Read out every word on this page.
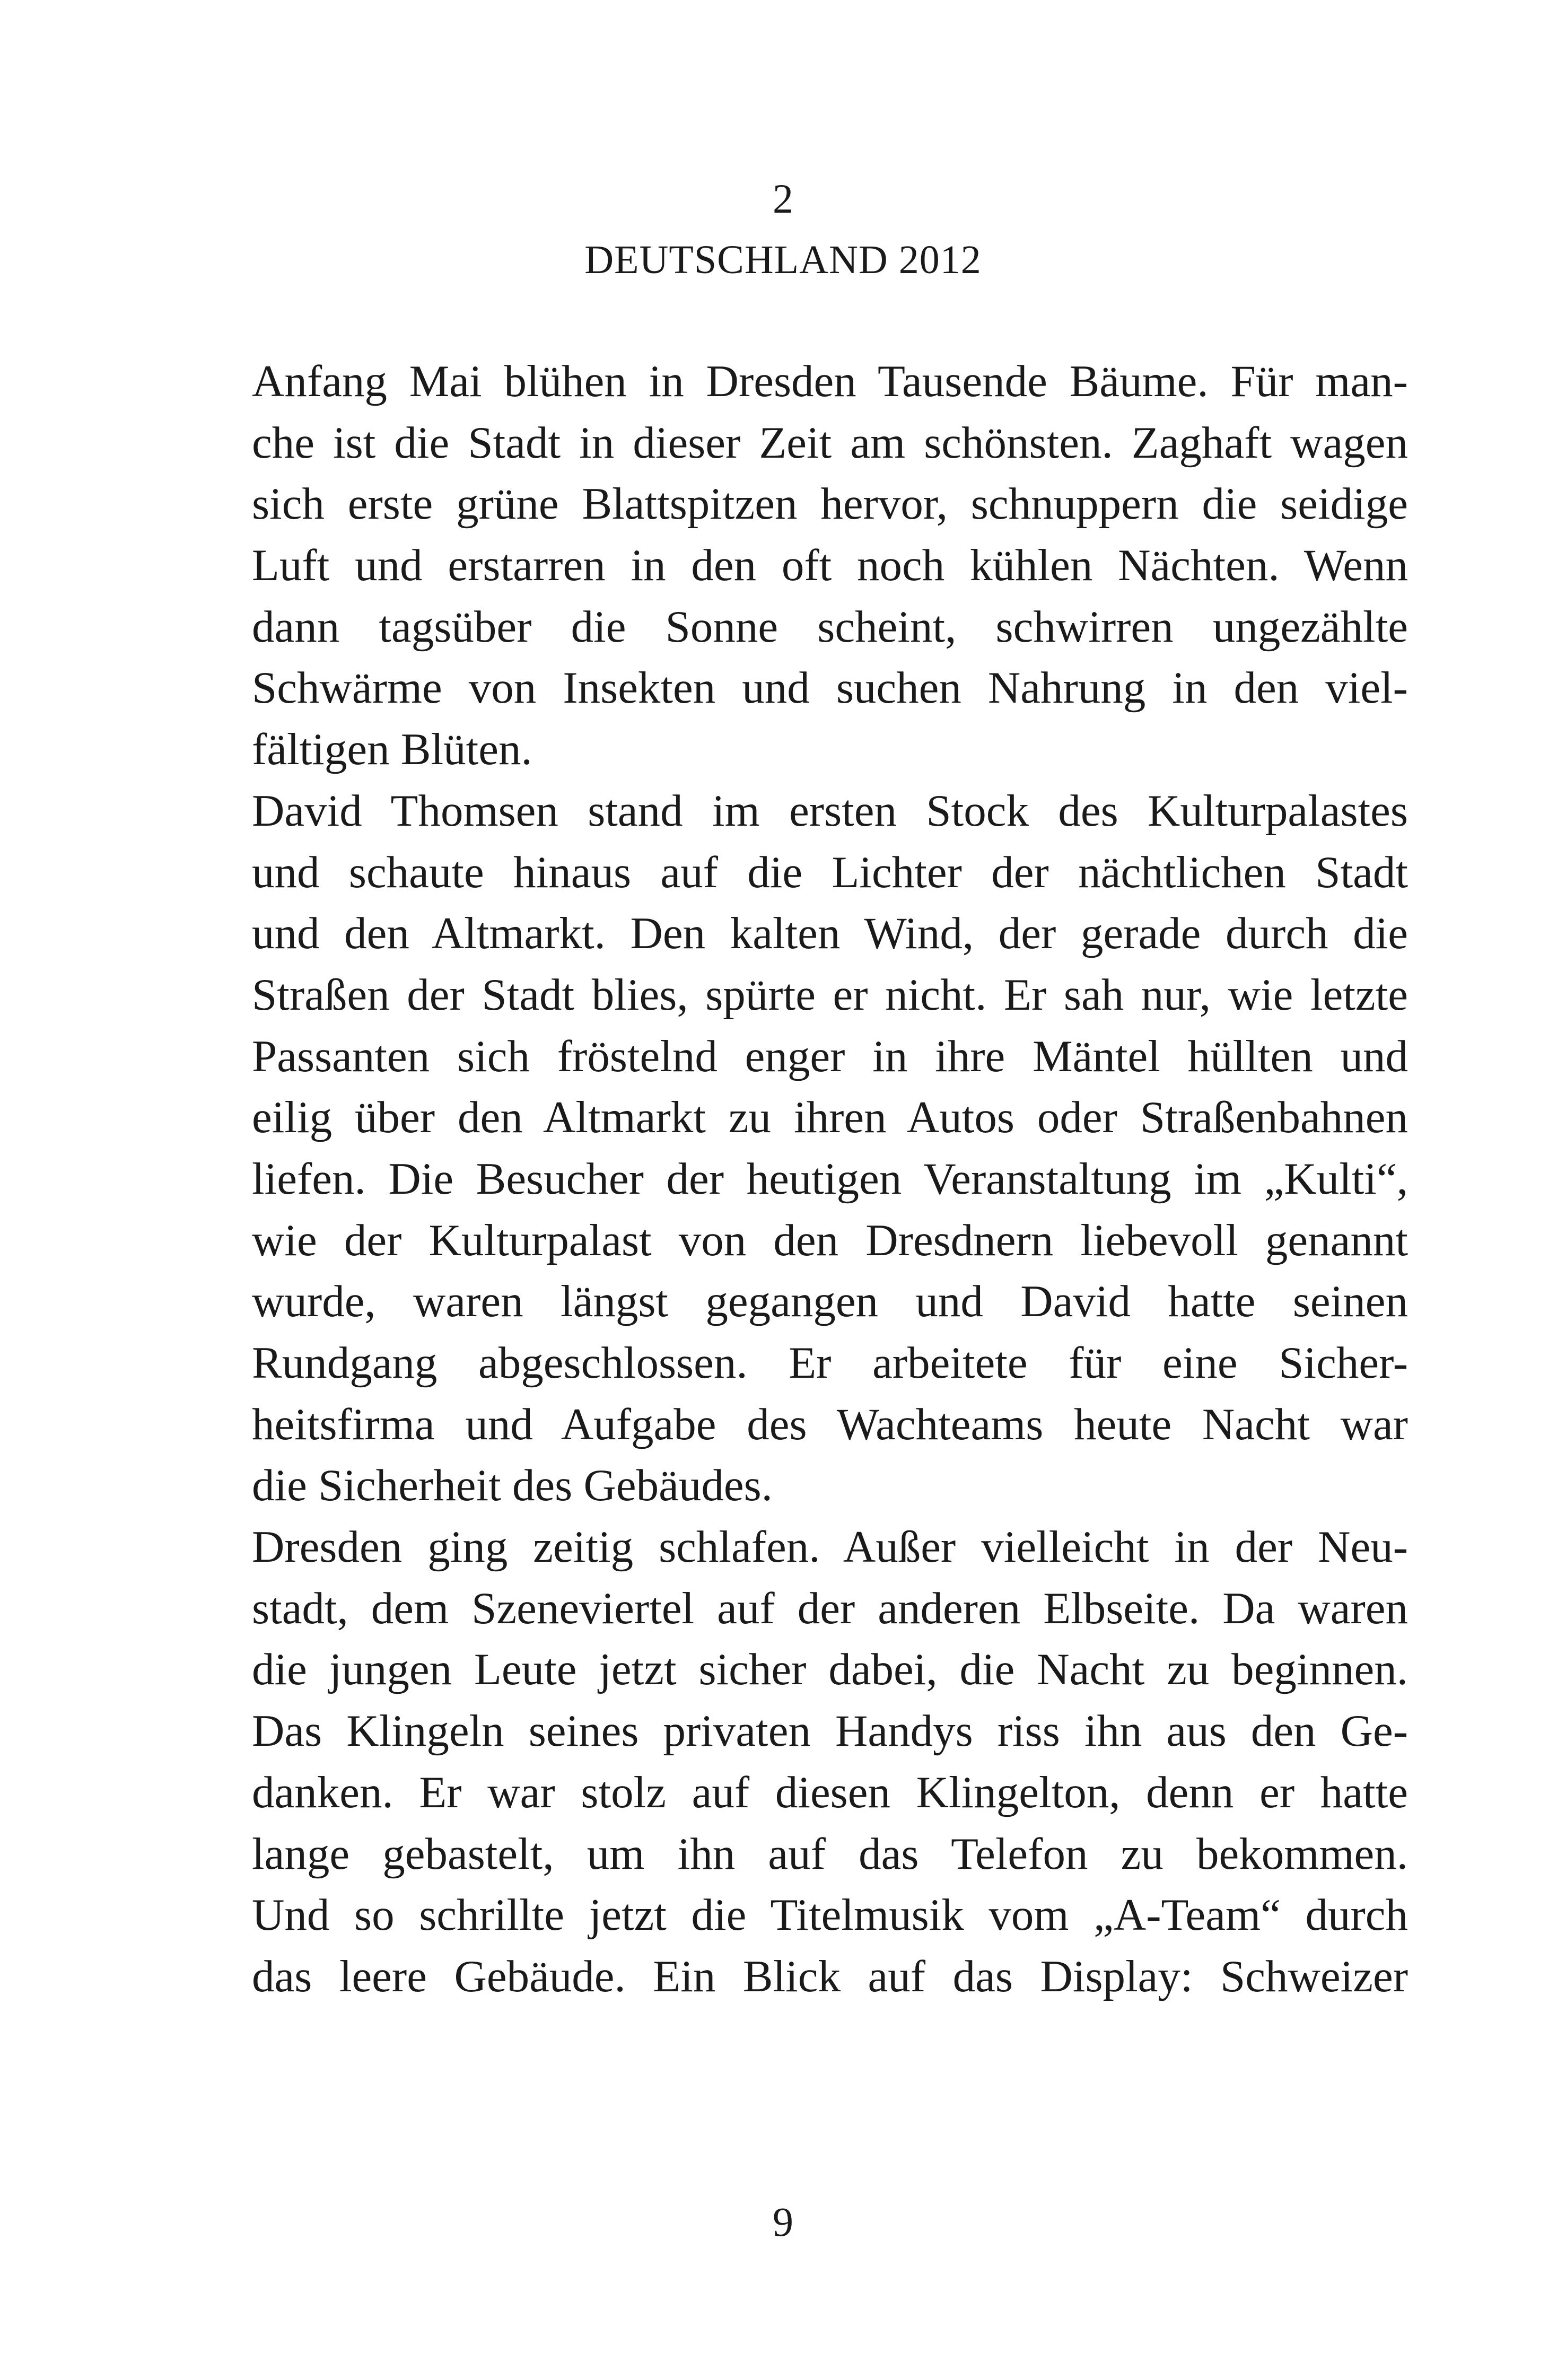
2
DEUTSCHLAND 2012
Anfang Mai blühen in Dresden Tausende Bäume. Für man-
che ist die Stadt in dieser Zeit am schönsten. Zaghaft wagen
sich erste grüne Blattspitzen hervor, schnuppern die seidige
Luft und erstarren in den oft noch kühlen Nächten. Wenn
dann tagsüber die Sonne scheint, schwirren ungezählte
Schwärme von Insekten und suchen Nahrung in den viel-
fältigen Blüten.
David Thomsen stand im ersten Stock des Kulturpalastes
und schaute hinaus auf die Lichter der nächtlichen Stadt
und den Altmarkt. Den kalten Wind, der gerade durch die
Straßen der Stadt blies, spürte er nicht. Er sah nur, wie letzte
Passanten sich fröstelnd enger in ihre Mäntel hüllten und
eilig über den Altmarkt zu ihren Autos oder Straßenbahnen
liefen. Die Besucher der heutigen Veranstaltung im „Kulti“,
wie der Kulturpalast von den Dresdnern liebevoll genannt
wurde, waren längst gegangen und David hatte seinen
Rundgang abgeschlossen. Er arbeitete für eine Sicher-
heitsfirma und Aufgabe des Wachteams heute Nacht war
die Sicherheit des Gebäudes.
Dresden ging zeitig schlafen. Außer vielleicht in der Neu-
stadt, dem Szeneviertel auf der anderen Elbseite. Da waren
die jungen Leute jetzt sicher dabei, die Nacht zu beginnen.
Das Klingeln seines privaten Handys riss ihn aus den Ge-
danken. Er war stolz auf diesen Klingelton, denn er hatte
lange gebastelt, um ihn auf das Telefon zu bekommen.
Und so schrillte jetzt die Titelmusik vom „A-Team“ durch
das leere Gebäude. Ein Blick auf das Display: Schweizer
9
